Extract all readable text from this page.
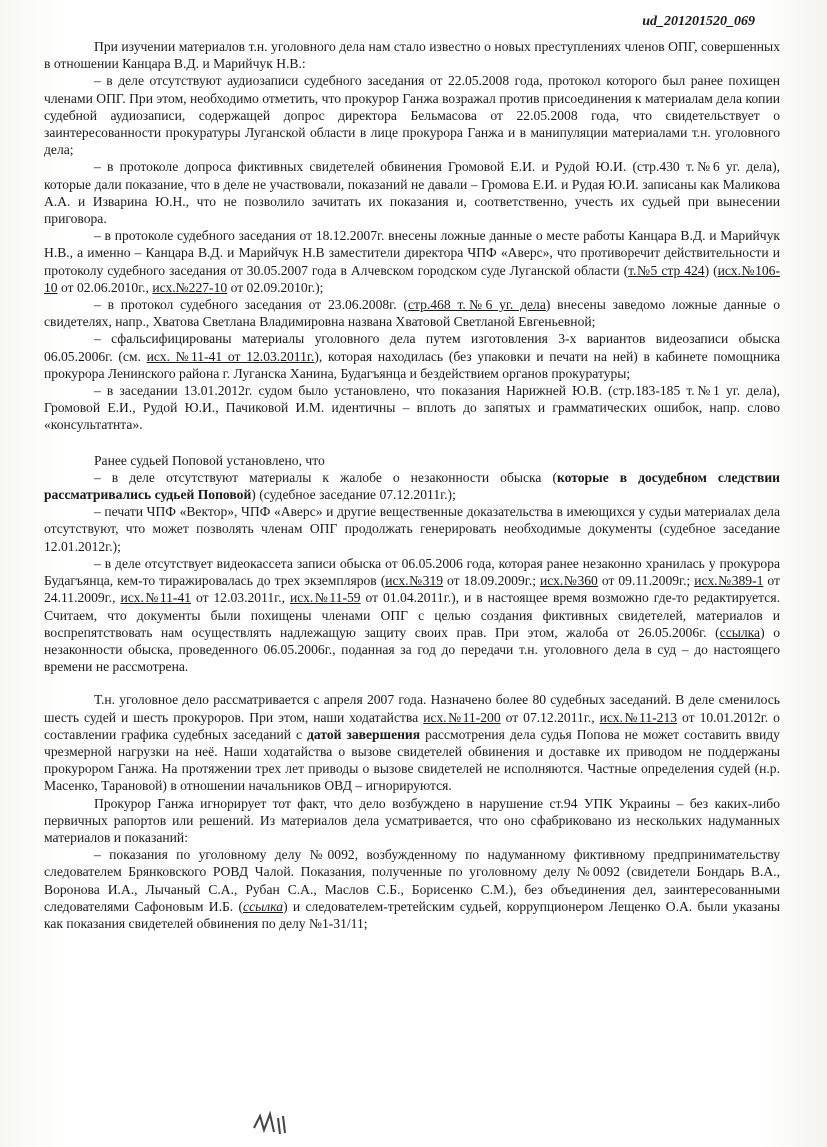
ud_201201520_069

При изучении материалов т.н. уголовного дела нам стало известно о новых преступлениях членов ОПГ, совершенных в отношении Канцара В.Д. и Марийчук Н.В.:

– в деле отсутствуют аудиозаписи судебного заседания от 22.05.2008 года, протокол которого был ранее похищен членами ОПГ. При этом, необходимо отметить, что прокурор Ганжа возражал против присоединения к материалам дела копии судебной аудиозаписи, содержащей допрос директора Бельмасова от 22.05.2008 года, что свидетельствует о заинтересованности прокуратуры Луганской области в лице прокурора Ганжа и в манипуляции материалами т.н. уголовного дела;

– в протоколе допроса фиктивных свидетелей обвинения Громовой Е.И. и Рудой Ю.И. (стр.430 т.№6 уг. дела), которые дали показание, что в деле не участвовали, показаний не давали – Громова Е.И. и Рудая Ю.И. записаны как Маликова А.А. и Изварина Ю.Н., что не позволило зачитать их показания и, соответственно, учесть их судьей при вынесении приговора.

– в протоколе судебного заседания от 18.12.2007г. внесены ложные данные о месте работы Канцара В.Д. и Марийчук Н.В., а именно – Канцара В.Д. и Марийчук Н.В заместители директора ЧПФ «Аверс», что противоречит действительности и протоколу судебного заседания от 30.05.2007 года в Алчевском городском суде Луганской области (т.№5 стр 424) (исх.№106-10 от 02.06.2010г., исх.№227-10 от 02.09.2010г.);

– в протокол судебного заседания от 23.06.2008г. (стр.468 т.№6 уг. дела) внесены заведомо ложные данные о свидетелях, напр., Хватова Светлана Владимировна названа Хватовой Светланой Евгеньевной;

– сфальсифицированы материалы уголовного дела путем изготовления 3-х вариантов видеозаписи обыска 06.05.2006г. (см. исх. №11-41 от 12.03.2011г.), которая находилась (без упаковки и печати на ней) в кабинете помощника прокурора Ленинского района г. Луганска Ханина, Будагъянца и бездействием органов прокуратуры;

– в заседании 13.01.2012г. судом было установлено, что показания Нарижней Ю.В. (стр.183-185 т.№1 уг. дела), Громовой Е.И., Рудой Ю.И., Пачиковой И.М. идентичны – вплоть до запятых и грамматических ошибок, напр. слово «консультатнта».

Ранее судьей Поповой установлено, что

– в деле отсутствуют материалы к жалобе о незаконности обыска (которые в досудебном следствии рассматривались судьей Поповой) (судебное заседание 07.12.2011г.);

– печати ЧПФ «Вектор», ЧПФ «Аверс» и другие вещественные доказательства в имеющихся у судьи материалах дела отсутствуют, что может позволять членам ОПГ продолжать генерировать необходимые документы (судебное заседание 12.01.2012г.);

– в деле отсутствует видеокассета записи обыска от 06.05.2006 года, которая ранее незаконно хранилась у прокурора Будагъянца, кем-то тиражировалась до трех экземпляров (исх.№319 от 18.09.2009г.; исх.№360 от 09.11.2009г.; исх.№389-1 от 24.11.2009г., исх.№11-41 от 12.03.2011г., исх.№11-59 от 01.04.2011г.), и в настоящее время возможно где-то редактируется. Считаем, что документы были похищены членами ОПГ с целью создания фиктивных свидетелей, материалов и воспрепятствовать нам осуществлять надлежащую защиту своих прав. При этом, жалоба от 26.05.2006г. (ссылка) о незаконности обыска, проведенного 06.05.2006г., поданная за год до передачи т.н. уголовного дела в суд – до настоящего времени не рассмотрена.

Т.н. уголовное дело рассматривается с апреля 2007 года. Назначено более 80 судебных заседаний. В деле сменилось шесть судей и шесть прокуроров. При этом, наши ходатайства исх.№11-200 от 07.12.2011г., исх.№11-213 от 10.01.2012г. о составлении графика судебных заседаний с датой завершения рассмотрения дела судья Попова не может составить ввиду чрезмерной нагрузки на неё. Наши ходатайства о вызове свидетелей обвинения и доставке их приводом не поддержаны прокурором Ганжа. На протяжении трех лет приводы о вызове свидетелей не исполняются. Частные определения судей (н.р. Масенко, Тарановой) в отношении начальников ОВД – игнорируются.

Прокурор Ганжа игнорирует тот факт, что дело возбуждено в нарушение ст.94 УПК Украины – без каких-либо первичных рапортов или решений. Из материалов дела усматривается, что оно сфабриковано из нескольких надуманных материалов и показаний:

– показания по уголовному делу №0092, возбужденному по надуманному фиктивному предпринимательству следователем Брянковского РОВД Чалой. Показания, полученные по уголовному делу №0092 (свидетели Бондарь В.А., Воронова И.А., Лычаный С.А., Рубан С.А., Маслов С.Б., Борисенко С.М.), без объединения дел, заинтересованными следователями Сафоновым И.Б. (ссылка) и следователем-третейским судьей, коррупционером Лещенко О.А. были указаны как показания свидетелей обвинения по делу №1-31/11;
